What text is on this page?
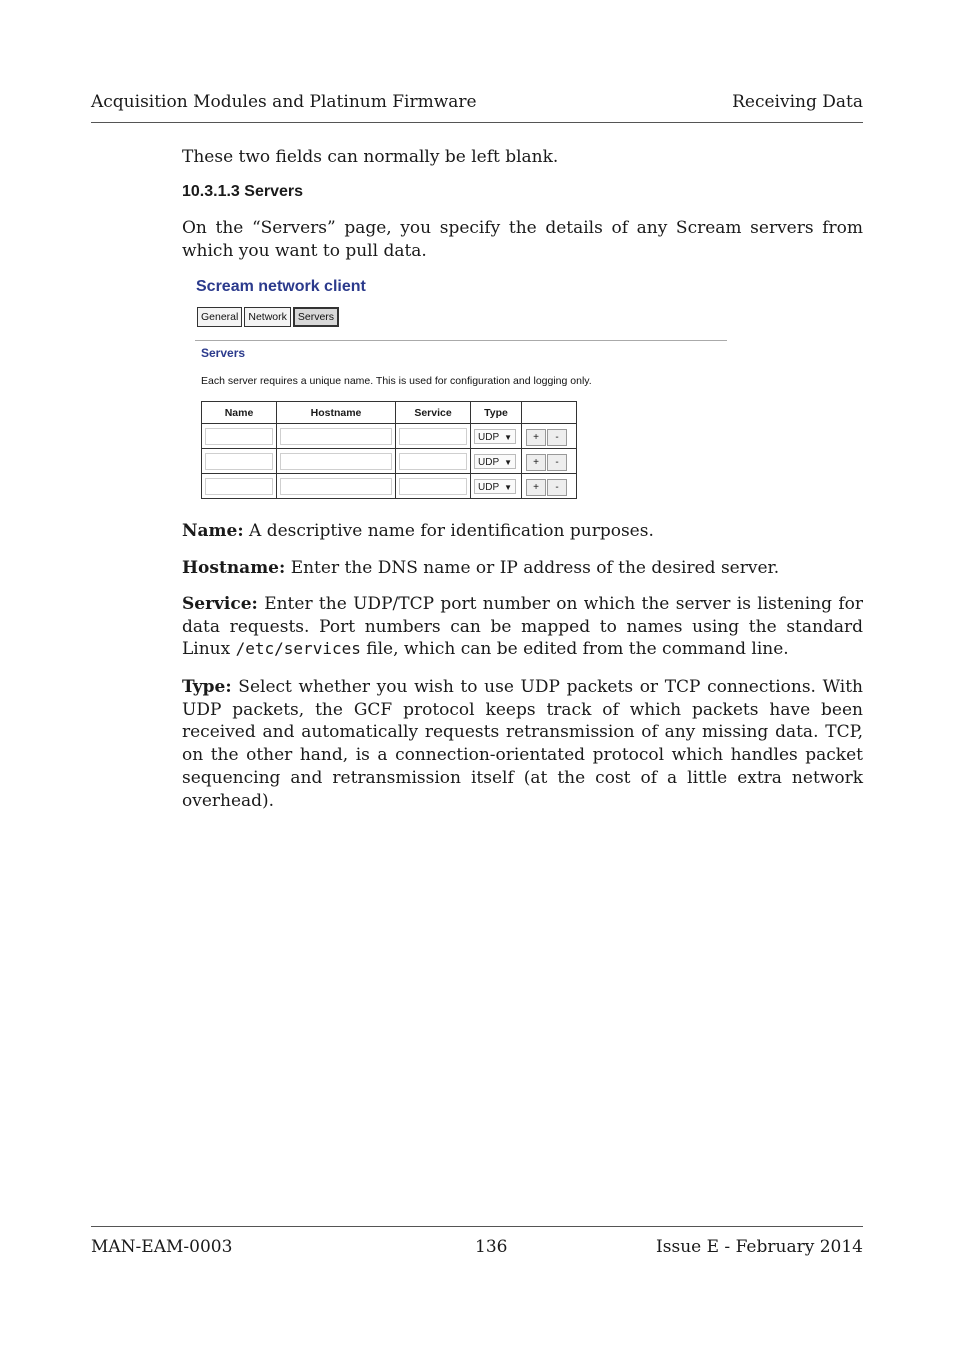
Acquisition Modules and Platinum Firmware	Receiving Data

These two fields can normally be left blank.

10.3.1.3 Servers

On the “Servers” page, you specify the details of any Scream servers from which you want to pull data.

Scream network client
General Network	Servers
Servers
Each server requires a unique name. This is used for configuration and logging only.
Name	Hostname	Service	Type	

			UDP ▼	+ -

			UDP ▼	+ -

			UDP ▼	+ -

Name: A descriptive name for identification purposes.

Hostname: Enter the DNS name or IP address of the desired server.

Service: Enter the UDP/TCP port number on which the server is listening for data requests. Port numbers can be mapped to names using the standard Linux /etc/services file, which can be edited from the command line.

Type: Select whether you wish to use UDP packets or TCP connections. With UDP packets, the GCF protocol keeps track of which packets have been received and automatically requests retransmission of any missing data. TCP, on the other hand, is a connection-orientated protocol which handles packet sequencing and retransmission itself (at the cost of a little extra network overhead).

MAN-EAM-0003	136	Issue E - February 2014
